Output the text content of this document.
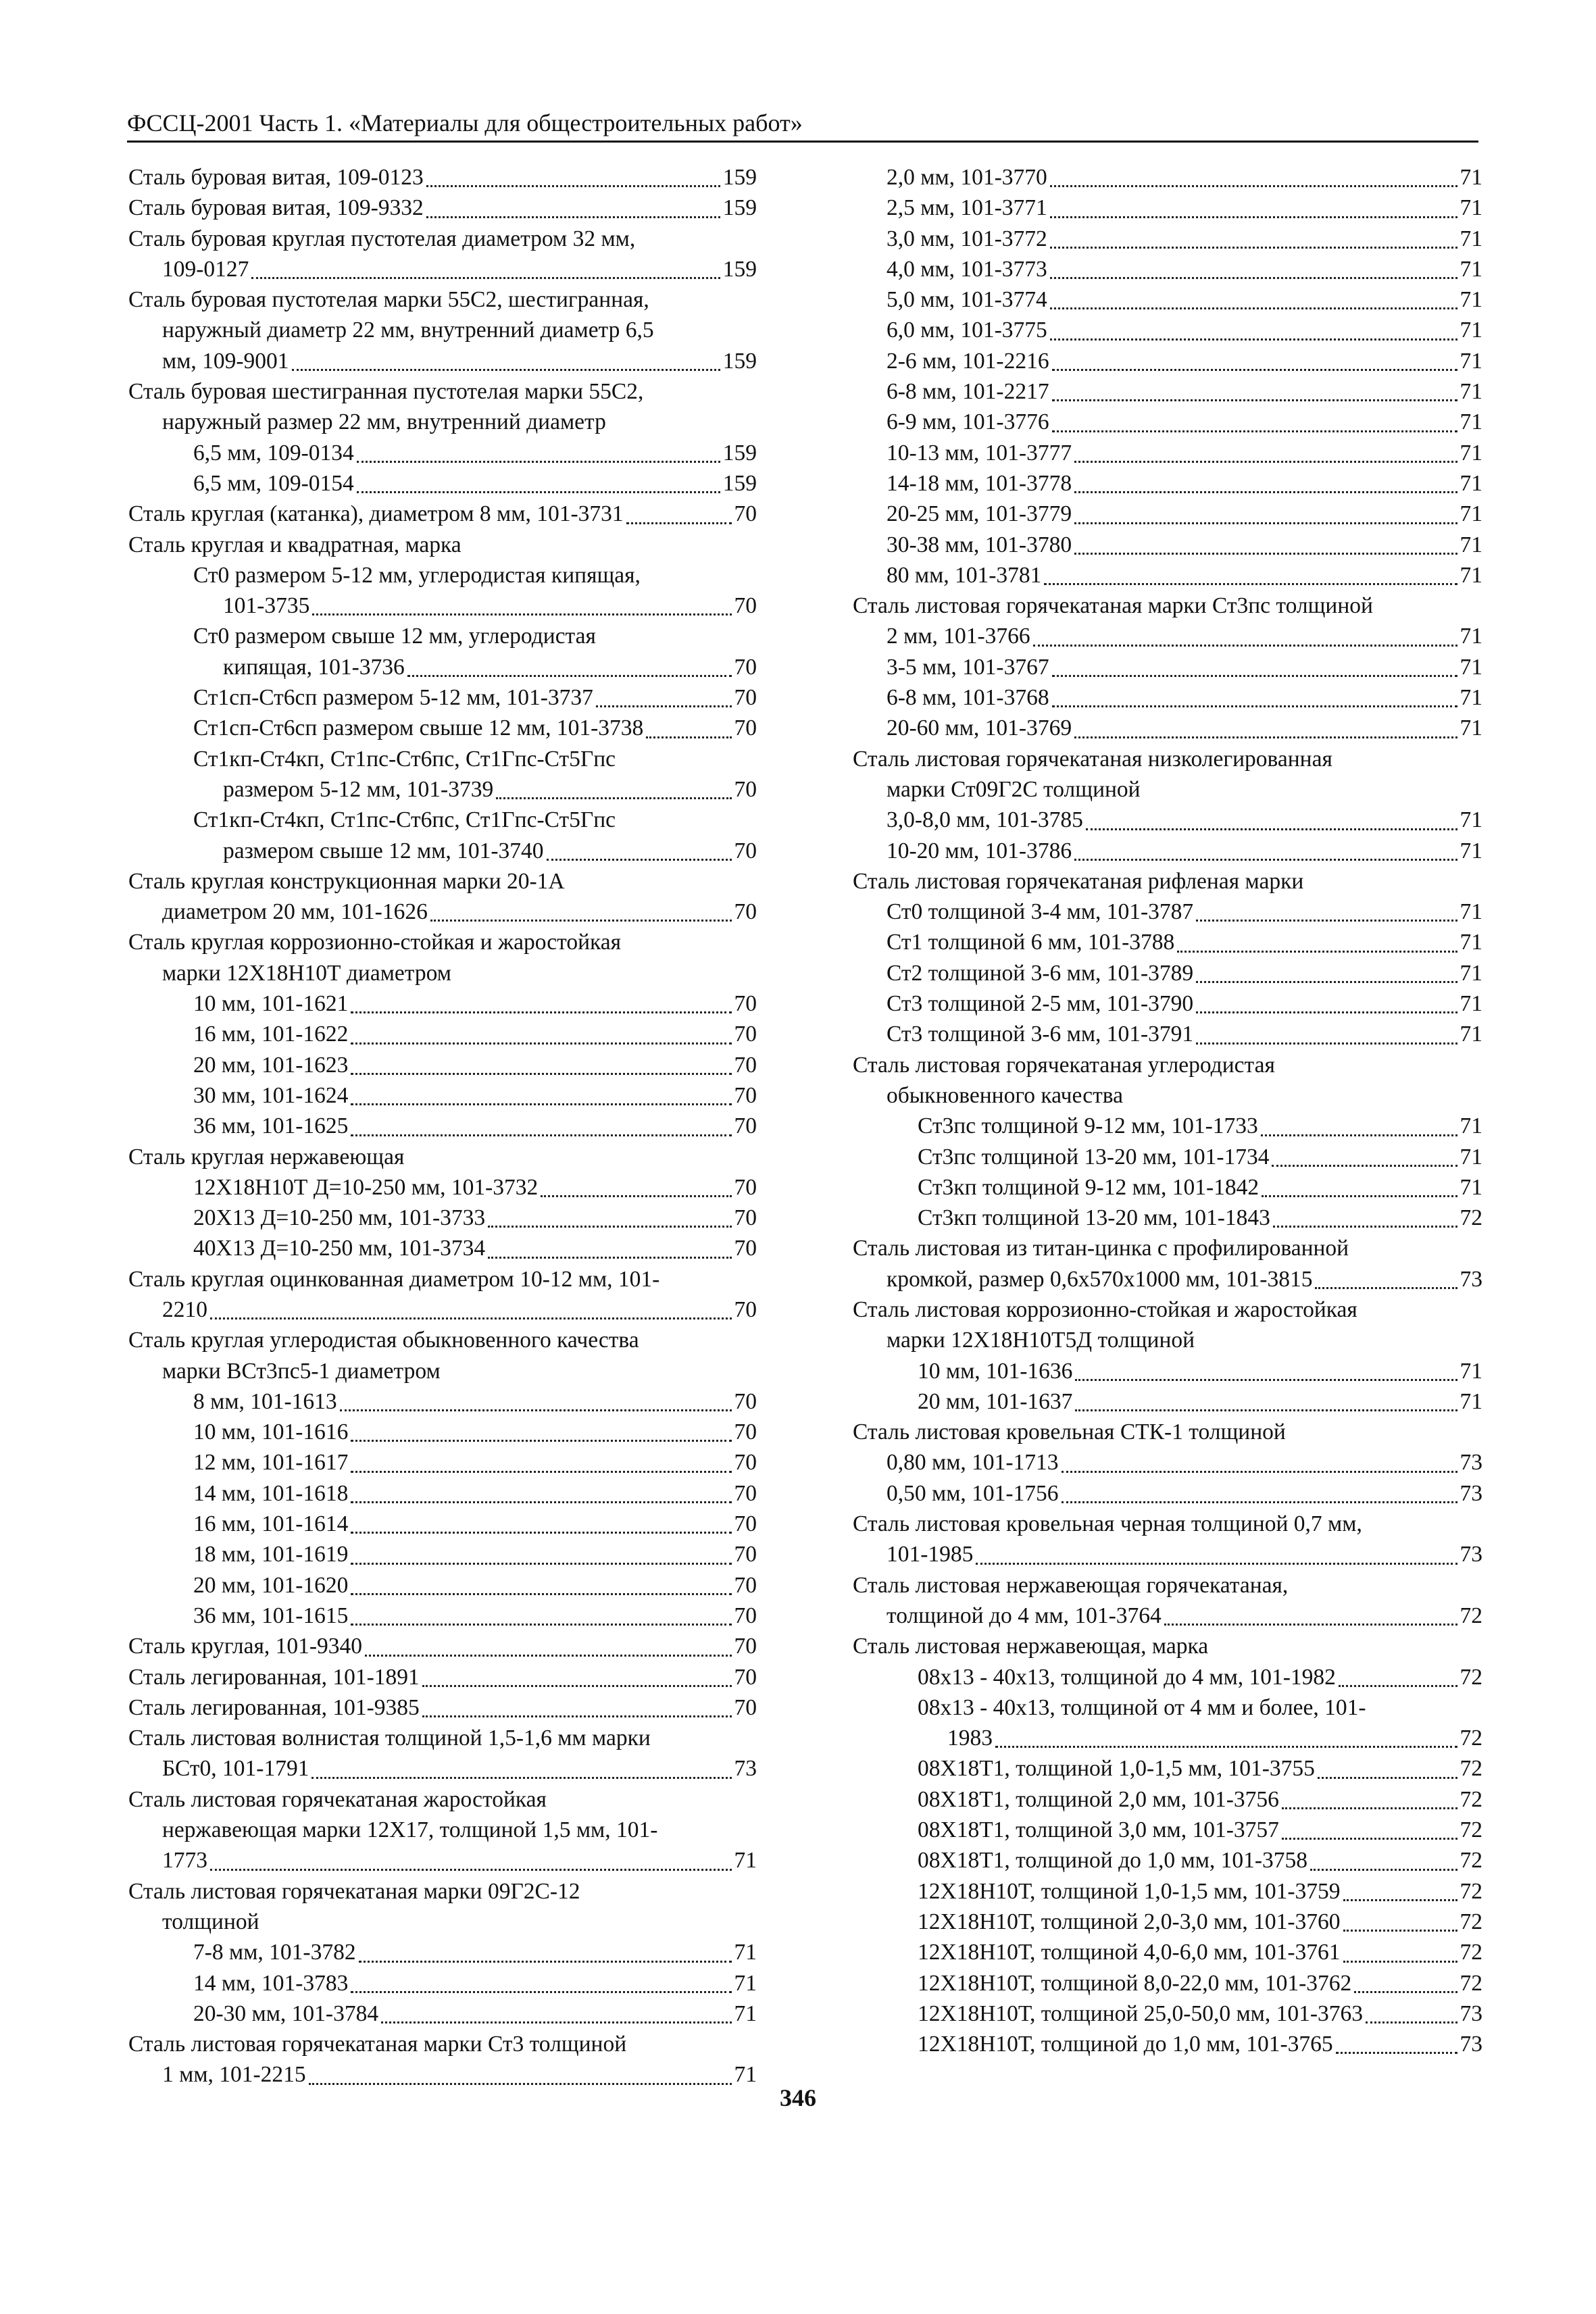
ФССЦ-2001 Часть 1. «Материалы для общестроительных работ»
Сталь буровая витая, 109-0123	159
Сталь буровая витая, 109-9332	159
Сталь буровая круглая пустотелая диаметром 32 мм,
109-0127	159
Сталь буровая пустотелая марки 55С2, шестигранная,
наружный диаметр 22 мм, внутренний диаметр 6,5
мм, 109-9001	159
Сталь буровая шестигранная пустотелая марки 55С2,
наружный размер 22 мм, внутренний диаметр
6,5 мм, 109-0134	159
6,5 мм, 109-0154	159
Сталь круглая (катанка), диаметром 8 мм, 101-3731	70
Сталь круглая и квадратная, марка
Ст0 размером 5-12 мм, углеродистая кипящая,
101-3735	70
Ст0 размером свыше 12 мм, углеродистая
кипящая, 101-3736	70
Ст1сп-Ст6сп размером 5-12 мм, 101-3737	70
Ст1сп-Ст6сп размером свыше 12 мм, 101-3738	70
Ст1кп-Ст4кп, Ст1пс-Ст6пс, Ст1Гпс-Ст5Гпс
размером 5-12 мм, 101-3739	70
Ст1кп-Ст4кп, Ст1пс-Ст6пс, Ст1Гпс-Ст5Гпс
размером свыше 12 мм, 101-3740	70
Сталь круглая конструкционная марки 20-1А
диаметром 20 мм, 101-1626	70
Сталь круглая коррозионно-стойкая и жаростойкая
марки 12Х18Н10Т диаметром
10 мм, 101-1621	70
16 мм, 101-1622	70
20 мм, 101-1623	70
30 мм, 101-1624	70
36 мм, 101-1625	70
Сталь круглая нержавеющая
12Х18Н10Т Д=10-250 мм, 101-3732	70
20Х13 Д=10-250 мм, 101-3733	70
40Х13 Д=10-250 мм, 101-3734	70
Сталь круглая оцинкованная диаметром 10-12 мм, 101-
2210	70
Сталь круглая углеродистая обыкновенного качества
марки ВСт3пс5-1 диаметром
8 мм, 101-1613	70
10 мм, 101-1616	70
12 мм, 101-1617	70
14 мм, 101-1618	70
16 мм, 101-1614	70
18 мм, 101-1619	70
20 мм, 101-1620	70
36 мм, 101-1615	70
Сталь круглая, 101-9340	70
Сталь легированная, 101-1891	70
Сталь легированная, 101-9385	70
Сталь листовая волнистая толщиной 1,5-1,6 мм марки
БСт0, 101-1791	73
Сталь листовая горячекатаная жаростойкая
нержавеющая марки 12Х17, толщиной 1,5 мм, 101-
1773	71
Сталь листовая горячекатаная марки 09Г2С-12
толщиной
7-8 мм, 101-3782	71
14 мм, 101-3783	71
20-30 мм, 101-3784	71
Сталь листовая горячекатаная марки Ст3 толщиной
1 мм, 101-2215	71
2,0 мм, 101-3770	71
2,5 мм, 101-3771	71
3,0 мм, 101-3772	71
4,0 мм, 101-3773	71
5,0 мм, 101-3774	71
6,0 мм, 101-3775	71
2-6 мм, 101-2216	71
6-8 мм, 101-2217	71
6-9 мм, 101-3776	71
10-13 мм, 101-3777	71
14-18 мм, 101-3778	71
20-25 мм, 101-3779	71
30-38 мм, 101-3780	71
80 мм, 101-3781	71
Сталь листовая горячекатаная марки Ст3пс толщиной
2 мм, 101-3766	71
3-5 мм, 101-3767	71
6-8 мм, 101-3768	71
20-60 мм, 101-3769	71
Сталь листовая горячекатаная низколегированная
марки Ст09Г2С толщиной
3,0-8,0 мм, 101-3785	71
10-20 мм, 101-3786	71
Сталь листовая горячекатаная рифленая марки
Ст0 толщиной 3-4 мм, 101-3787	71
Ст1 толщиной 6 мм, 101-3788	71
Ст2 толщиной 3-6 мм, 101-3789	71
Ст3 толщиной 2-5 мм, 101-3790	71
Ст3 толщиной 3-6 мм, 101-3791	71
Сталь листовая горячекатаная углеродистая
обыкновенного качества
Ст3пс толщиной 9-12 мм, 101-1733	71
Ст3пс толщиной 13-20 мм, 101-1734	71
Ст3кп толщиной 9-12 мм, 101-1842	71
Ст3кп толщиной 13-20 мм, 101-1843	72
Сталь листовая из титан-цинка с профилированной
кромкой, размер 0,6х570х1000 мм, 101-3815	73
Сталь листовая коррозионно-стойкая и жаростойкая
марки 12Х18Н10Т5Д толщиной
10 мм, 101-1636	71
20 мм, 101-1637	71
Сталь листовая кровельная СТК-1 толщиной
0,80 мм, 101-1713	73
0,50 мм, 101-1756	73
Сталь листовая кровельная черная толщиной 0,7 мм,
101-1985	73
Сталь листовая нержавеющая горячекатаная,
толщиной до 4 мм, 101-3764	72
Сталь листовая нержавеющая, марка
08х13 - 40х13, толщиной до 4 мм, 101-1982	72
08х13 - 40х13, толщиной от 4 мм и более, 101-
1983	72
08Х18Т1, толщиной 1,0-1,5 мм, 101-3755	72
08Х18Т1, толщиной 2,0 мм, 101-3756	72
08Х18Т1, толщиной 3,0 мм, 101-3757	72
08Х18Т1, толщиной до 1,0 мм, 101-3758	72
12Х18Н10Т, толщиной 1,0-1,5 мм, 101-3759	72
12Х18Н10Т, толщиной 2,0-3,0 мм, 101-3760	72
12Х18Н10Т, толщиной 4,0-6,0 мм, 101-3761	72
12Х18Н10Т, толщиной 8,0-22,0 мм, 101-3762	72
12Х18Н10Т, толщиной 25,0-50,0 мм, 101-3763	73
12Х18Н10Т, толщиной до 1,0 мм, 101-3765	73
346
